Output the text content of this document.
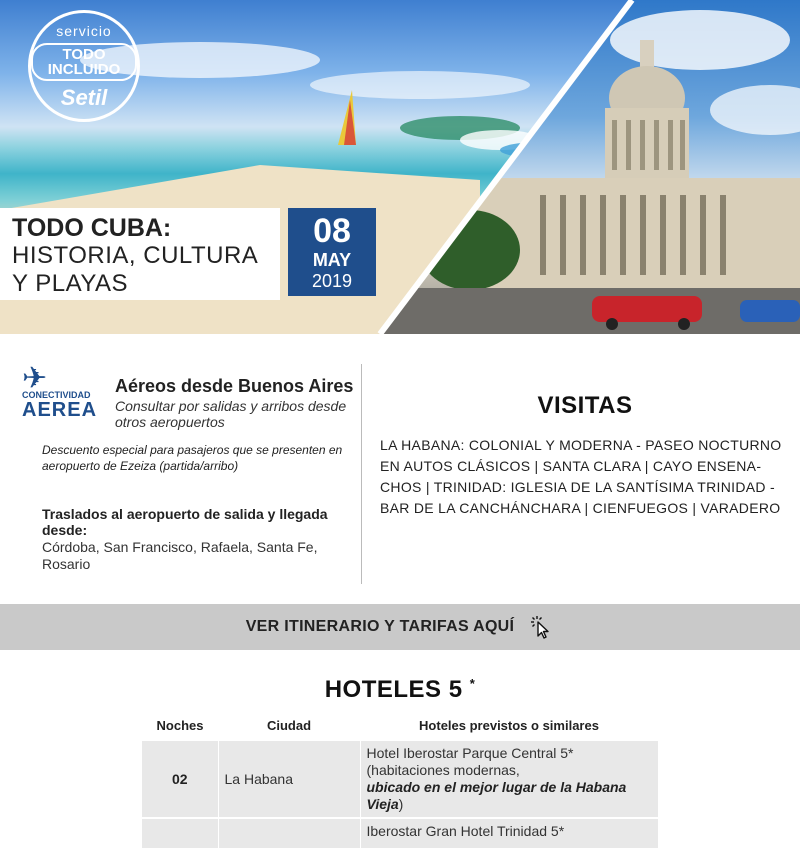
servicio
TODO INCLUIDO
Setil
TODO CUBA:
HISTORIA, CULTURA
Y PLAYAS
08
MAY
2019
✈
CONECTIVIDAD
AEREA
Aéreos desde Buenos Aires
Consultar por salidas y arribos desde otros aeropuertos
Descuento especial para pasajeros que se presenten en aeropuerto de Ezeiza (partida/arribo)
Traslados al aeropuerto de salida y llegada desde:
Córdoba, San Francisco, Rafaela, Santa Fe, Rosario
VISITAS
LA HABANA: COLONIAL Y MODERNA - PASEO NOCTURNO EN AUTOS CLÁSICOS | SANTA CLARA | CAYO ENSENA-CHOS | TRINIDAD: IGLESIA DE LA SANTÍSIMA TRINIDAD - BAR DE LA CANCHÁNCHARA | CIENFUEGOS | VARADERO
VER ITINERARIO Y TARIFAS AQUÍ
HOTELES 5 *
Noches	Ciudad	Hoteles previstos o similares
02	La Habana	Hotel Iberostar Parque Central 5* (habitaciones modernas,
ubicado en el mejor lugar de la Habana Vieja)
		Iberostar Gran Hotel Trinidad 5*
